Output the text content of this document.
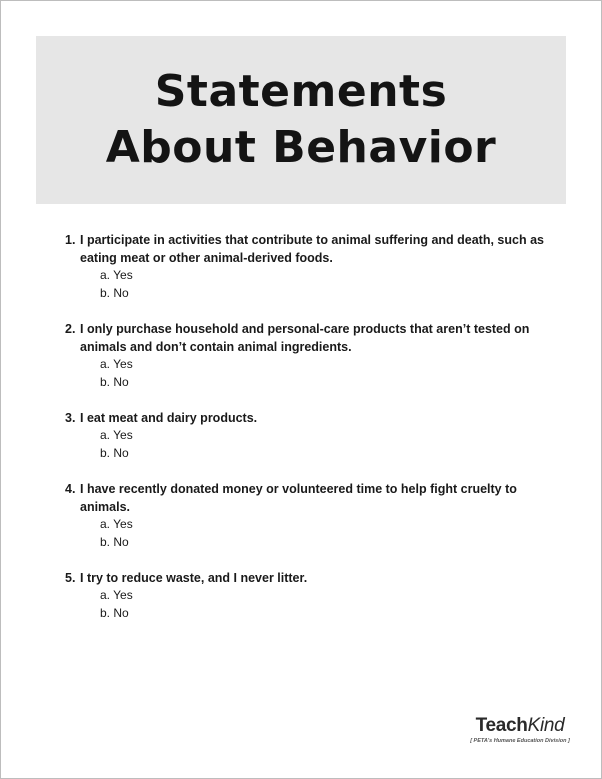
Statements
About Behavior
1. I participate in activities that contribute to animal suffering and death, such as eating meat or other animal-derived foods.
a. Yes
b. No
2. I only purchase household and personal-care products that aren’t tested on animals and don’t contain animal ingredients.
a. Yes
b. No
3. I eat meat and dairy products.
a. Yes
b. No
4. I have recently donated money or volunteered time to help fight cruelty to animals.
a. Yes
b. No
5. I try to reduce waste, and I never litter.
a. Yes
b. No
TeachKind
[ PETA's Humane Education Division ]
